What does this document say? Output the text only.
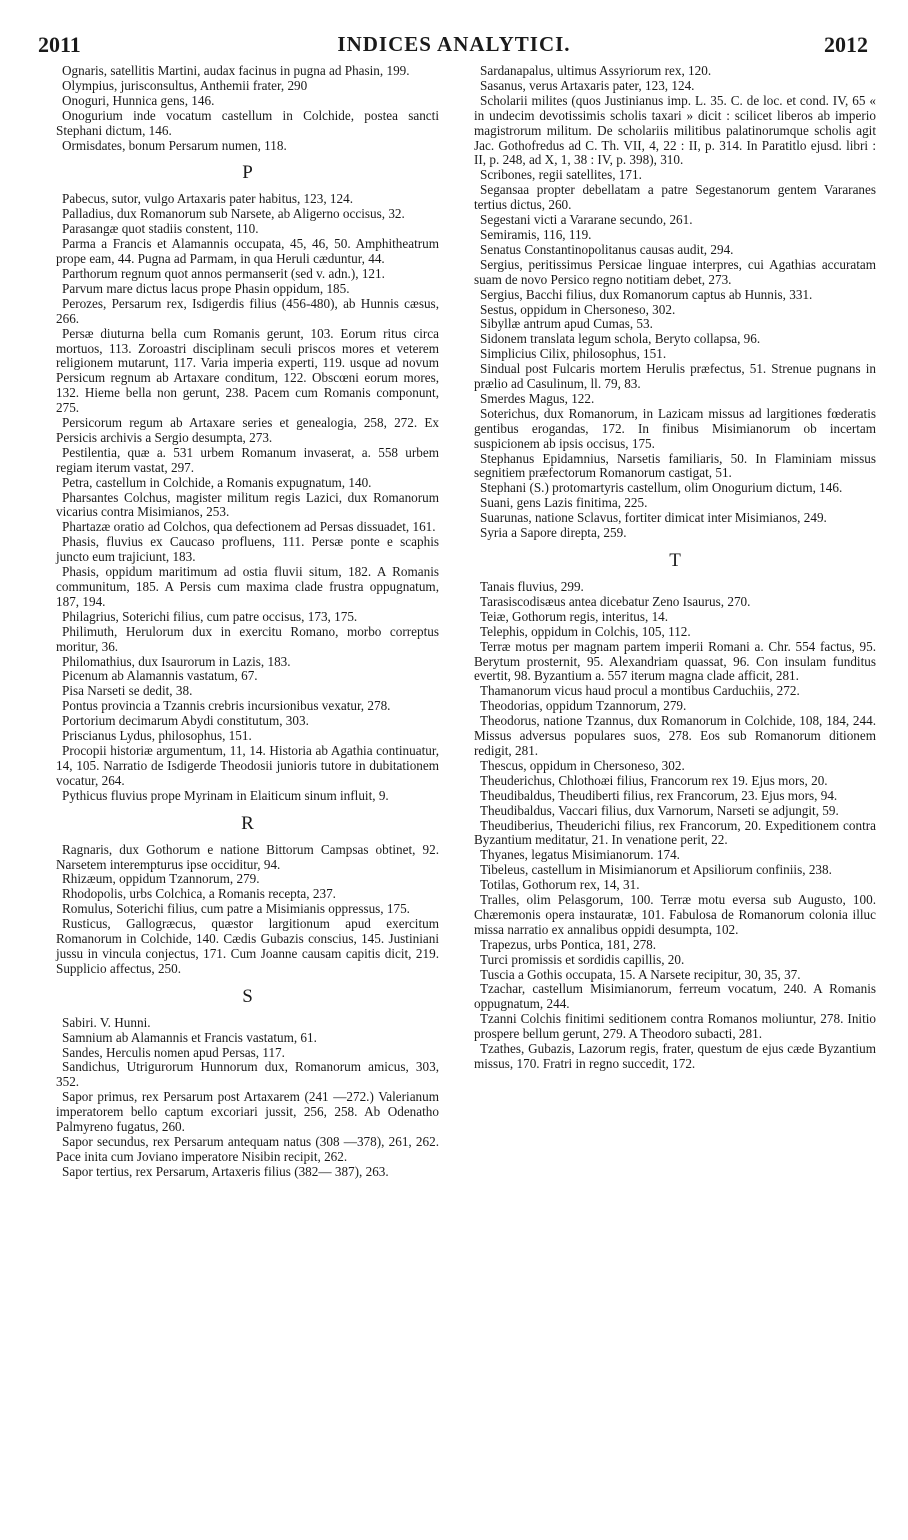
2011	INDICES ANALYTICI.	2012

Ognaris, satellitis Martini, audax facinus in pugna ad Phasin, 199.

Olympius, jurisconsultus, Anthemii frater, 290

Onoguri, Hunnica gens, 146.

Onogurium inde vocatum castellum in Colchide, postea sancti Stephani dictum, 146.

Ormisdates, bonum Persarum numen, 118.

P

Pabecus, sutor, vulgo Artaxaris pater habitus, 123, 124.

Palladius, dux Romanorum sub Narsete, ab Aligerno occisus, 32.

Parasangæ quot stadiis constent, 110.

Parma a Francis et Alamannis occupata, 45, 46, 50. Amphitheatrum prope eam, 44. Pugna ad Parmam, in qua Heruli cæduntur, 44.

Parthorum regnum quot annos permanserit (sed v. adn.), 121.

Parvum mare dictus lacus prope Phasin oppidum, 185.

Perozes, Persarum rex, Isdigerdis filius (456-480), ab Hunnis cæsus, 266.

Persæ diuturna bella cum Romanis gerunt, 103. Eorum ritus circa mortuos, 113. Zoroastri disciplinam seculi priscos mores et veterem religionem mutarunt, 117. Varia imperia experti, 119. usque ad novum Persicum regnum ab Artaxare conditum, 122. Obscœni eorum mores, 132. Hieme bella non gerunt, 238. Pacem cum Romanis componunt, 275.

Persicorum regum ab Artaxare series et genealogia, 258, 272. Ex Persicis archivis a Sergio desumpta, 273.

Pestilentia, quæ a. 531 urbem Romanum invaserat, a. 558 urbem regiam iterum vastat, 297.

Petra, castellum in Colchide, a Romanis expugnatum, 140.

Pharsantes Colchus, magister militum regis Lazici, dux Romanorum vicarius contra Misimianos, 253.

Phartazæ oratio ad Colchos, qua defectionem ad Persas dissuadet, 161.

Phasis, fluvius ex Caucaso profluens, 111. Persæ ponte e scaphis juncto eum trajiciunt, 183.

Phasis, oppidum maritimum ad ostia fluvii situm, 182. A Romanis communitum, 185. A Persis cum maxima clade frustra oppugnatum, 187, 194.

Philagrius, Soterichi filius, cum patre occisus, 173, 175.

Philimuth, Herulorum dux in exercitu Romano, morbo correptus moritur, 36.

Philomathius, dux Isaurorum in Lazis, 183.

Picenum ab Alamannis vastatum, 67.

Pisa Narseti se dedit, 38.

Pontus provincia a Tzannis crebris incursionibus vexatur, 278.

Portorium decimarum Abydi constitutum, 303.

Priscianus Lydus, philosophus, 151.

Procopii historiæ argumentum, 11, 14. Historia ab Agathia continuatur, 14, 105. Narratio de Isdigerde Theodosii junioris tutore in dubitationem vocatur, 264.

Pythicus fluvius prope Myrinam in Elaiticum sinum influit, 9.

R

Ragnaris, dux Gothorum e natione Bittorum Campsas obtinet, 92. Narsetem interempturus ipse occiditur, 94.

Rhizæum, oppidum Tzannorum, 279.

Rhodopolis, urbs Colchica, a Romanis recepta, 237.

Romulus, Soterichi filius, cum patre a Misimianis oppressus, 175.

Rusticus, Gallogræcus, quæstor largitionum apud exercitum Romanorum in Colchide, 140. Cædis Gubazis conscius, 145. Justiniani jussu in vincula conjectus, 171. Cum Joanne causam capitis dicit, 219. Supplicio affectus, 250.

S

Sabiri. V. Hunni.

Samnium ab Alamannis et Francis vastatum, 61.

Sandes, Herculis nomen apud Persas, 117.

Sandichus, Utrigurorum Hunnorum dux, Romanorum amicus, 303, 352.

Sapor primus, rex Persarum post Artaxarem (241 —272.) Valerianum imperatorem bello captum excoriari jussit, 256, 258. Ab Odenatho Palmyreno fugatus, 260.

Sapor secundus, rex Persarum antequam natus (308 —378), 261, 262. Pace inita cum Joviano imperatore Nisibin recipit, 262.

Sapor tertius, rex Persarum, Artaxeris filius (382— 387), 263.

Sardanapalus, ultimus Assyriorum rex, 120.

Sasanus, verus Artaxaris pater, 123, 124.

Scholarii milites (quos Justinianus imp. L. 35. C. de loc. et cond. IV, 65 « in undecim devotissimis scholis taxari » dicit : scilicet liberos ab imperio magistrorum militum. De scholariis militibus palatinorumque scholis agit Jac. Gothofredus ad C. Th. VII, 4, 22 : II, p. 314. In Paratitlo ejusd. libri : II, p. 248, ad X, 1, 38 : IV, p. 398), 310.

Scribones, regii satellites, 171.

Segansaa propter debellatam a patre Segestanorum gentem Vararanes tertius dictus, 260.

Segestani victi a Vararane secundo, 261.

Semiramis, 116, 119.

Senatus Constantinopolitanus causas audit, 294.

Sergius, peritissimus Persicae linguae interpres, cui Agathias accuratam suam de novo Persico regno notitiam debet, 273.

Sergius, Bacchi filius, dux Romanorum captus ab Hunnis, 331.

Sestus, oppidum in Chersoneso, 302.

Sibyllæ antrum apud Cumas, 53.

Sidonem translata legum schola, Beryto collapsa, 96.

Simplicius Cilix, philosophus, 151.

Sindual post Fulcaris mortem Herulis præfectus, 51. Strenue pugnans in prælio ad Casulinum, ll. 79, 83.

Smerdes Magus, 122.

Soterichus, dux Romanorum, in Lazicam missus ad largitiones fœderatis gentibus erogandas, 172. In finibus Misimianorum ob incertam suspicionem ab ipsis occisus, 175.

Stephanus Epidamnius, Narsetis familiaris, 50. In Flaminiam missus segnitiem præfectorum Romanorum castigat, 51.

Stephani (S.) protomartyris castellum, olim Onogurium dictum, 146.

Suani, gens Lazis finitima, 225.

Suarunas, natione Sclavus, fortiter dimicat inter Misimianos, 249.

Syria a Sapore direpta, 259.

T

Tanais fluvius, 299.

Tarasiscodisæus antea dicebatur Zeno Isaurus, 270.

Teiæ, Gothorum regis, interitus, 14.

Telephis, oppidum in Colchis, 105, 112.

Terræ motus per magnam partem imperii Romani a. Chr. 554 factus, 95. Berytum prosternit, 95. Alexandriam quassat, 96. Con insulam funditus evertit, 98. Byzantium a. 557 iterum magna clade afficit, 281.

Thamanorum vicus haud procul a montibus Carduchiis, 272.

Theodorias, oppidum Tzannorum, 279.

Theodorus, natione Tzannus, dux Romanorum in Colchide, 108, 184, 244. Missus adversus populares suos, 278. Eos sub Romanorum ditionem redigit, 281.

Thescus, oppidum in Chersoneso, 302.

Theuderichus, Chlothoæi filius, Francorum rex 19. Ejus mors, 20.

Theudibaldus, Theudiberti filius, rex Francorum, 23. Ejus mors, 94.

Theudibaldus, Vaccari filius, dux Varnorum, Narseti se adjungit, 59.

Theudiberius, Theuderichi filius, rex Francorum, 20. Expeditionem contra Byzantium meditatur, 21. In venatione perit, 22.

Thyanes, legatus Misimianorum. 174.

Tibeleus, castellum in Misimianorum et Apsiliorum confiniis, 238.

Totilas, Gothorum rex, 14, 31.

Tralles, olim Pelasgorum, 100. Terræ motu eversa sub Augusto, 100. Chæremonis opera instauratæ, 101. Fabulosa de Romanorum colonia illuc missa narratio ex annalibus oppidi desumpta, 102.

Trapezus, urbs Pontica, 181, 278.

Turci promissis et sordidis capillis, 20.

Tuscia a Gothis occupata, 15. A Narsete recipitur, 30, 35, 37.

Tzachar, castellum Misimianorum, ferreum vocatum, 240. A Romanis oppugnatum, 244.

Tzanni Colchis finitimi seditionem contra Romanos moliuntur, 278. Initio prospere bellum gerunt, 279. A Theodoro subacti, 281.

Tzathes, Gubazis, Lazorum regis, frater, questum de ejus cæde Byzantium missus, 170. Fratri in regno succedit, 172.
